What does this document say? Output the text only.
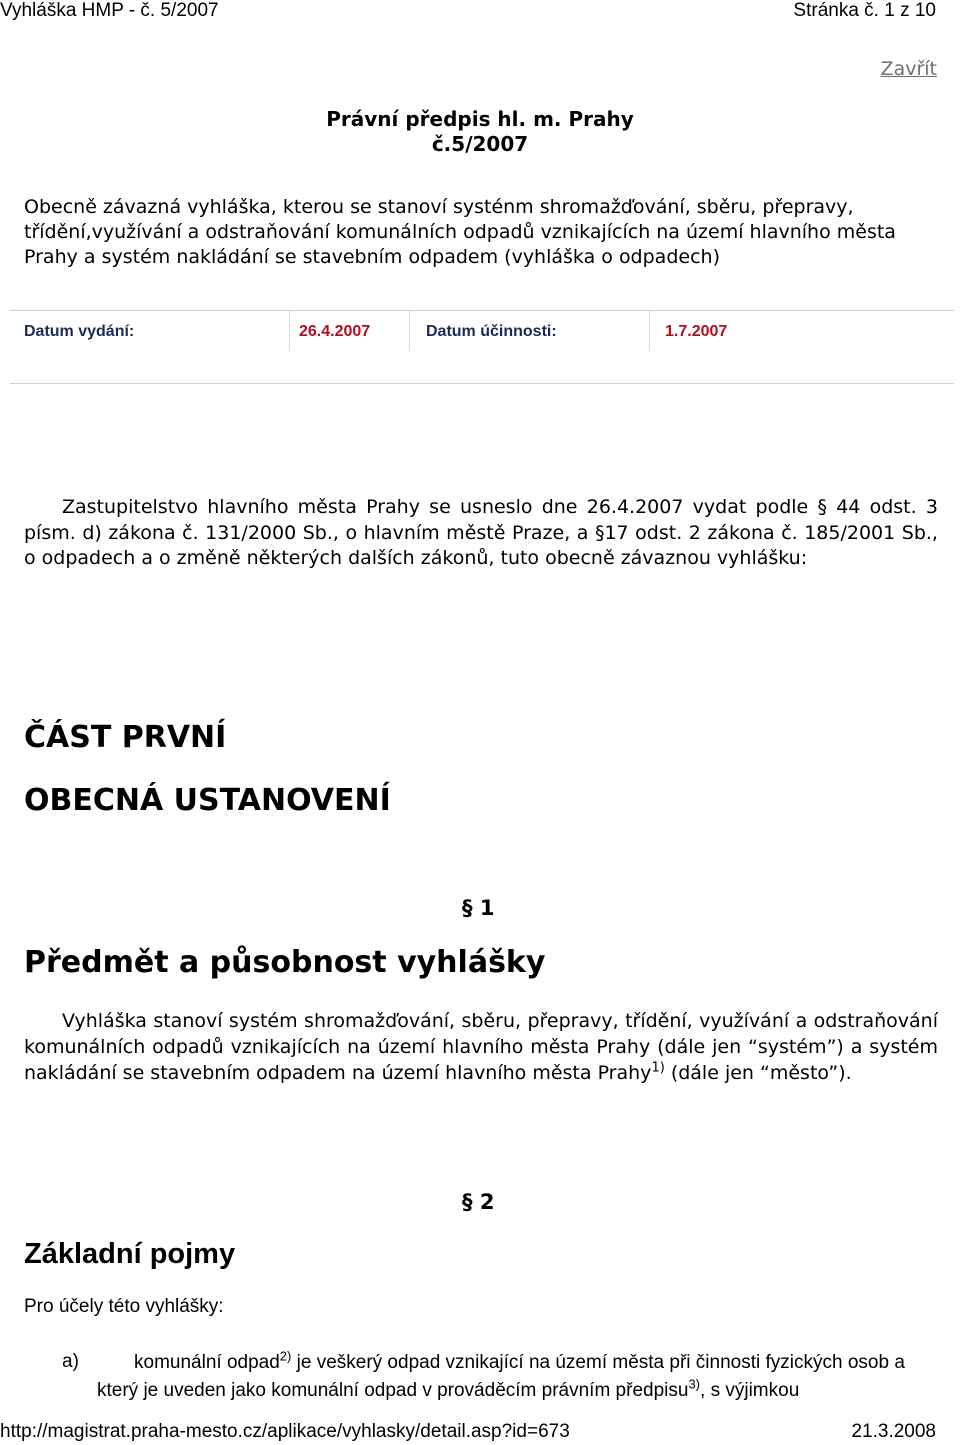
Vyhláška HMP - č. 5/2007	Stránka č. 1 z 10
Zavřít
Právní předpis hl. m. Prahy
č.5/2007
Obecně závazná vyhláška, kterou se stanoví systénm shromažďování, sběru, přepravy, třídění,využívání a odstraňování komunálních odpadů vznikajících na území hlavního města Prahy a systém nakládání se stavebním odpadem (vyhláška o odpadech)
Datum vydání:	26.4.2007	Datum účinnosti:	1.7.2007
Zastupitelstvo hlavního města Prahy se usneslo dne 26.4.2007 vydat podle § 44 odst. 3 písm. d) zákona č. 131/2000 Sb., o hlavním městě Praze, a §17 odst. 2 zákona č. 185/2001 Sb., o odpadech a o změně některých dalších zákonů, tuto obecně závaznou vyhlášku:
ČÁST PRVNÍ
OBECNÁ USTANOVENÍ
§ 1
Předmět a působnost vyhlášky
Vyhláška stanoví systém shromažďování, sběru, přepravy, třídění, využívání a odstraňování komunálních odpadů vznikajících na území hlavního města Prahy (dále jen “systém”) a systém nakládání se stavebním odpadem na území hlavního města Prahy$^{1)}$ (dále jen “město”).
§ 2
Základní pojmy
Pro účely této vyhlášky:
a)	komunální odpad$^{2)}$ je veškerý odpad vznikající na území města při činnosti fyzických osob a který je uveden jako komunální odpad v prováděcím právním předpisu$^{3)}$, s výjimkou
http://magistrat.praha-mesto.cz/aplikace/vyhlasky/detail.asp?id=673	21.3.2008
